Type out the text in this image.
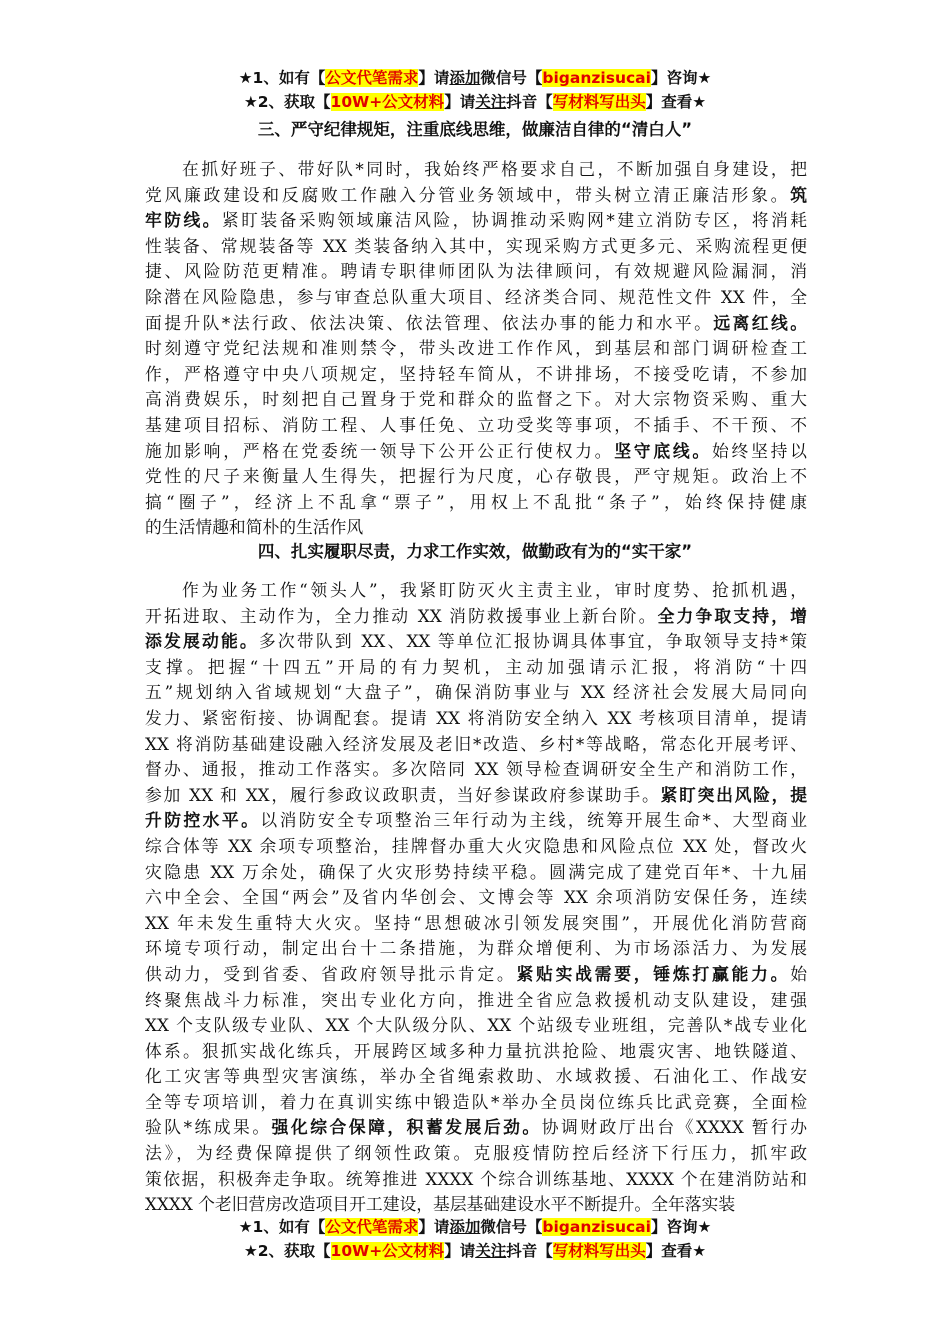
★1、如有【公文代笔需求】请添加微信号【biganzisucai】咨询★
★2、获取【10W+公文材料】请关注抖音【写材料写出头】查看★
三、严守纪律规矩，注重底线思维，做廉洁自律的“清白人”
在抓好班子、带好队*同时，我始终严格要求自己，不断加强自身建设，把
党风廉政建设和反腐败工作融入分管业务领域中，带头树立清正廉洁形象。筑
牢防线。紧盯装备采购领域廉洁风险，协调推动采购网*建立消防专区，将消耗
性装备、常规装备等 XX 类装备纳入其中，实现采购方式更多元、采购流程更便
捷、风险防范更精准。聘请专职律师团队为法律顾问，有效规避风险漏洞，消
除潜在风险隐患，参与审查总队重大项目、经济类合同、规范性文件 XX 件，全
面提升队*法行政、依法决策、依法管理、依法办事的能力和水平。远离红线。
时刻遵守党纪法规和准则禁令，带头改进工作作风，到基层和部门调研检查工
作，严格遵守中央八项规定，坚持轻车简从，不讲排场，不接受吃请，不参加
高消费娱乐，时刻把自己置身于党和群众的监督之下。对大宗物资采购、重大
基建项目招标、消防工程、人事任免、立功受奖等事项，不插手、不干预、不
施加影响，严格在党委统一领导下公开公正行使权力。坚守底线。始终坚持以
党性的尺子来衡量人生得失，把握行为尺度，心存敬畏，严守规矩。政治上不
搞“圈子”，经济上不乱拿“票子”，用权上不乱批“条子”，始终保持健康
的生活情趣和简朴的生活作风
四、扎实履职尽责，力求工作实效，做勤政有为的“实干家”
作为业务工作“领头人”，我紧盯防灭火主责主业，审时度势、抢抓机遇，
开拓进取、主动作为，全力推动 XX 消防救援事业上新台阶。全力争取支持，增
添发展动能。多次带队到 XX、XX 等单位汇报协调具体事宜，争取领导支持*策
支撑。把握“十四五”开局的有力契机，主动加强请示汇报，将消防“十四
五”规划纳入省域规划“大盘子”，确保消防事业与 XX 经济社会发展大局同向
发力、紧密衔接、协调配套。提请 XX 将消防安全纳入 XX 考核项目清单，提请
XX 将消防基础建设融入经济发展及老旧*改造、乡村*等战略，常态化开展考评、
督办、通报，推动工作落实。多次陪同 XX 领导检查调研安全生产和消防工作，
参加 XX 和 XX，履行参政议政职责，当好参谋政府参谋助手。紧盯突出风险，提
升防控水平。以消防安全专项整治三年行动为主线，统筹开展生命*、大型商业
综合体等 XX 余项专项整治，挂牌督办重大火灾隐患和风险点位 XX 处，督改火
灾隐患 XX 万余处，确保了火灾形势持续平稳。圆满完成了建党百年*、十九届
六中全会、全国“两会”及省内华创会、文博会等 XX 余项消防安保任务，连续
XX 年未发生重特大火灾。坚持“思想破冰引领发展突围”，开展优化消防营商
环境专项行动，制定出台十二条措施，为群众增便利、为市场添活力、为发展
供动力，受到省委、省政府领导批示肯定。紧贴实战需要，锤炼打赢能力。始
终聚焦战斗力标准，突出专业化方向，推进全省应急救援机动支队建设，建强
XX 个支队级专业队、XX 个大队级分队、XX 个站级专业班组，完善队*战专业化
体系。狠抓实战化练兵，开展跨区域多种力量抗洪抢险、地震灾害、地铁隧道、
化工灾害等典型灾害演练，举办全省绳索救助、水域救援、石油化工、作战安
全等专项培训，着力在真训实练中锻造队*举办全员岗位练兵比武竞赛，全面检
验队*练成果。强化综合保障，积蓄发展后劲。协调财政厅出台《XXXX 暂行办
法》，为经费保障提供了纲领性政策。克服疫情防控后经济下行压力，抓牢政
策依据，积极奔走争取。统筹推进 XXXX 个综合训练基地、XXXX 个在建消防站和
XXXX 个老旧营房改造项目开工建设，基层基础建设水平不断提升。全年落实装
★1、如有【公文代笔需求】请添加微信号【biganzisucai】咨询★
★2、获取【10W+公文材料】请关注抖音【写材料写出头】查看★
